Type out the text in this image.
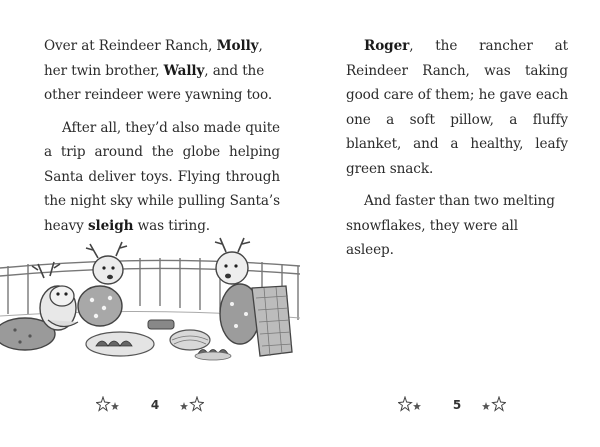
Over at Reindeer Ranch, Molly, her twin brother, Wally, and the other reindeer were yawning too.

After all, they’d also made quite a trip around the globe helping Santa deliver toys. Flying through the night sky while pulling Santa’s heavy sleigh was tiring.

4

Roger, the rancher at Reindeer Ranch, was taking good care of them; he gave each one a soft pillow, a fluffy blanket, and a healthy, leafy green snack.

And faster than two melting snowflakes, they were all asleep.

5
